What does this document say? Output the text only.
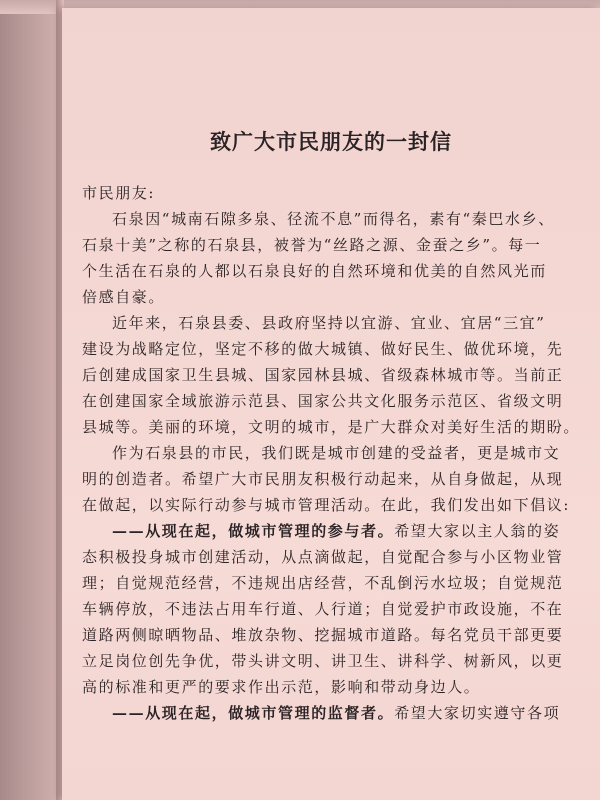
致广大市民朋友的一封信

市民朋友:

石泉因“城南石隙多泉、径流不息”而得名，素有“秦巴水乡、

石泉十美”之称的石泉县，被誉为“丝路之源、金蚕之乡”。每一

个生活在石泉的人都以石泉良好的自然环境和优美的自然风光而

倍感自豪。

近年来，石泉县委、县政府坚持以宜游、宜业、宜居“三宜”

建设为战略定位，坚定不移的做大城镇、做好民生、做优环境，先

后创建成国家卫生县城、国家园林县城、省级森林城市等。当前正

在创建国家全域旅游示范县、国家公共文化服务示范区、省级文明

县城等。美丽的环境，文明的城市，是广大群众对美好生活的期盼。

作为石泉县的市民，我们既是城市创建的受益者，更是城市文

明的创造者。希望广大市民朋友积极行动起来，从自身做起，从现

在做起，以实际行动参与城市管理活动。在此，我们发出如下倡议:

——从现在起，做城市管理的参与者。希望大家以主人翁的姿

态积极投身城市创建活动，从点滴做起，自觉配合参与小区物业管

理；自觉规范经营，不违规出店经营，不乱倒污水垃圾；自觉规范

车辆停放，不违法占用车行道、人行道；自觉爱护市政设施，不在

道路两侧晾晒物品、堆放杂物、挖掘城市道路。每名党员干部更要

立足岗位创先争优，带头讲文明、讲卫生、讲科学、树新风，以更

高的标准和更严的要求作出示范，影响和带动身边人。

——从现在起，做城市管理的监督者。希望大家切实遵守各项
